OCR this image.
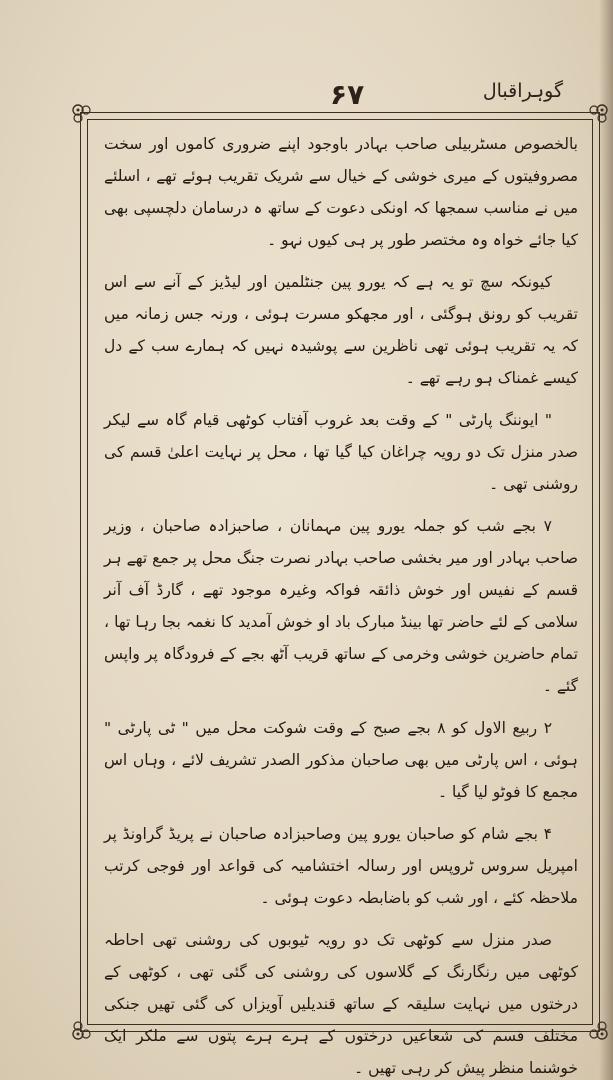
۶۷	گوہراقبال

بالخصوص مسٹربیلی صاحب بہادر باوجود اپنے ضروری کاموں اور سخت مصروفیتوں کے میری خوشی کے خیال سے شریک تقریب ہوئے تھے ، اسلئے میں نے مناسب سمجھا کہ اونکی دعوت کے ساتھ ہ درسامان دلچسپی بھی کیا جائے خواہ وہ مختصر طور پر ہی کیوں نہو ۔

کیونکہ سچ تو یہ ہے کہ یورو پین جنٹلمین اور لیڈیز کے آنے سے اس تقریب کو رونق ہوگئی ، اور مجھکو مسرت ہوئی ، ورنہ جس زمانہ میں کہ یہ تقریب ہوئی تھی ناظرین سے پوشیدہ نہیں کہ ہمارے سب کے دل کیسے غمناک ہو رہے تھے ۔

" ایوننگ پارٹی " کے وقت بعد غروب آفتاب کوٹھی قیام گاہ سے لیکر صدر منزل تک دو رویہ چراغان کیا گیا تھا ، محل پر نہایت اعلیٰ قسم کی روشنی تھی ۔

۷ بجے شب کو جملہ یورو پین مہمانان ، صاحبزادہ صاحبان ، وزیر صاحب بہادر اور میر بخشی صاحب بہادر نصرت جنگ محل پر جمع تھے ہر قسم کے نفیس اور خوش ذائقہ فواکہ وغیرہ موجود تھے ، گارڈ آف آنر سلامی کے لئے حاضر تھا بینڈ مبارک باد او خوش آمدید کا نغمہ بجا رہا تھا ، تمام حاضرین خوشی وخرمی کے ساتھ قریب آٹھ بجے کے فرودگاہ پر واپس گئے ۔

۲ ربیع الاول کو ۸ بجے صبح کے وقت شوکت محل میں " ٹی پارٹی " ہوئی ، اس پارٹی میں بھی صاحبان مذکور الصدر تشریف لائے ، وہاں اس مجمع کا فوٹو لیا گیا ۔

۴ بجے شام کو صاحبان یورو پین وصاحبزادہ صاحبان نے پریڈ گراونڈ پر امپریل سروس ٹروپس اور رسالہ اختشامیہ کی قواعد اور فوجی کرتب ملاحظہ کئے ، اور شب کو باضابطہ دعوت ہوئی ۔

صدر منزل سے کوٹھی تک دو رویہ ٹیوبوں کی روشنی تھی احاطہ کوٹھی میں رنگارنگ کے گلاسوں کی روشنی کی گئی تھی ، کوٹھی کے درختوں میں نہایت سلیقہ کے ساتھ قندیلیں آویزاں کی گئی تھیں جنکی مختلف قسم کی شعاعیں درختوں کے ہرے ہرے پتوں سے ملکر ایک خوشنما منظر پیش کر رہی تھیں ۔
